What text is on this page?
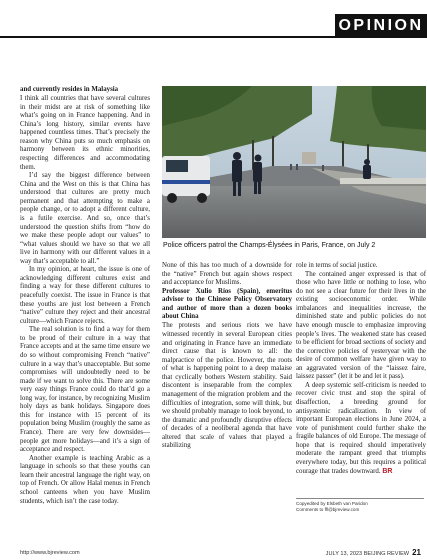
OPINION

and currently resides in Malaysia

I think all countries that have several cultures in their midst are at risk of something like what’s going on in France happening. And in China’s long history, similar events have happened countless times. That’s precisely the reason why China puts so much emphasis on harmony between its ethnic minorities, respecting differences and accommodating them.

I’d say the biggest difference between China and the West on this is that China has understood that cultures are pretty much permanent and that attempting to make a people change, or to adopt a different culture, is a futile exercise. And so, once that’s understood the question shifts from “how do we make these people adopt our values” to “what values should we have so that we all live in harmony with our different values in a way that’s acceptable to all.”

In my opinion, at heart, the issue is one of acknowledging different cultures exist and finding a way for these different cultures to peacefully coexist. The issue in France is that these youths are just lost between a French “native” culture they reject and their ancestral culture—which France rejects.

The real solution is to find a way for them to be proud of their culture in a way that France accepts and at the same time ensure we do so without compromising French “native” culture in a way that’s unacceptable. But some compromises will undoubtedly need to be made if we want to solve this. There are some very easy things France could do that’d go a long way, for instance, by recognizing Muslim holy days as bank holidays. Singapore does this for instance with 15 percent of its population being Muslim (roughly the same as France). There are very few downsides—people get more holidays—and it’s a sign of acceptance and respect.

Another example is teaching Arabic as a language in schools so that these youths can learn their ancestral language the right way, on top of French. Or allow Halal menus in French school canteens when you have Muslim students, which isn’t the case today.

Police officers patrol the Champs-Élysées in Paris, France, on July 2

None of this has too much of a downside for the “native” French but again shows respect and acceptance for Muslims.

Professor Xulio Ríos (Spain), emeritus advisor to the Chinese Policy Observatory and author of more than a dozen books about China

The protests and serious riots we have witnessed recently in several European cities and originating in France have an immediate direct cause that is known to all: the malpractice of the police. However, the roots of what is happening point to a deep malaise that cyclically bothers Western stability. Said discontent is inseparable from the complex management of the migration problem and the difficulties of integration, some will think, but we should probably manage to look beyond, to the dramatic and profoundly disruptive effects of decades of a neoliberal agenda that have altered that scale of values that played a stabilizing

role in terms of social justice.

The contained anger expressed is that of those who have little or nothing to lose, who do not see a clear future for their lives in the existing socioeconomic order. While imbalances and inequalities increase, the diminished state and public policies do not have enough muscle to emphasize improving people’s lives. The weakened state has ceased to be efficient for broad sections of society and the corrective policies of yesteryear with the desire of common welfare have given way to an aggravated version of the “laissez faire, laissez passer” (let it be and let it pass).

A deep systemic self-criticism is needed to recover civic trust and stop the spiral of disaffection, a breeding ground for antisystemic radicalization. In view of important European elections in June 2024, a vote of punishment could further shake the fragile balances of old Europe. The message of hope that is required should imperatively moderate the rampant greed that triumphs everywhere today, but this requires a political courage that trades downward. BR

Copyedited by Elsbeth van Paridon
Comments to ffl@bjreview.com
http://www.bjreview.com	JULY 13, 2023 BEIJING REVIEW 21
